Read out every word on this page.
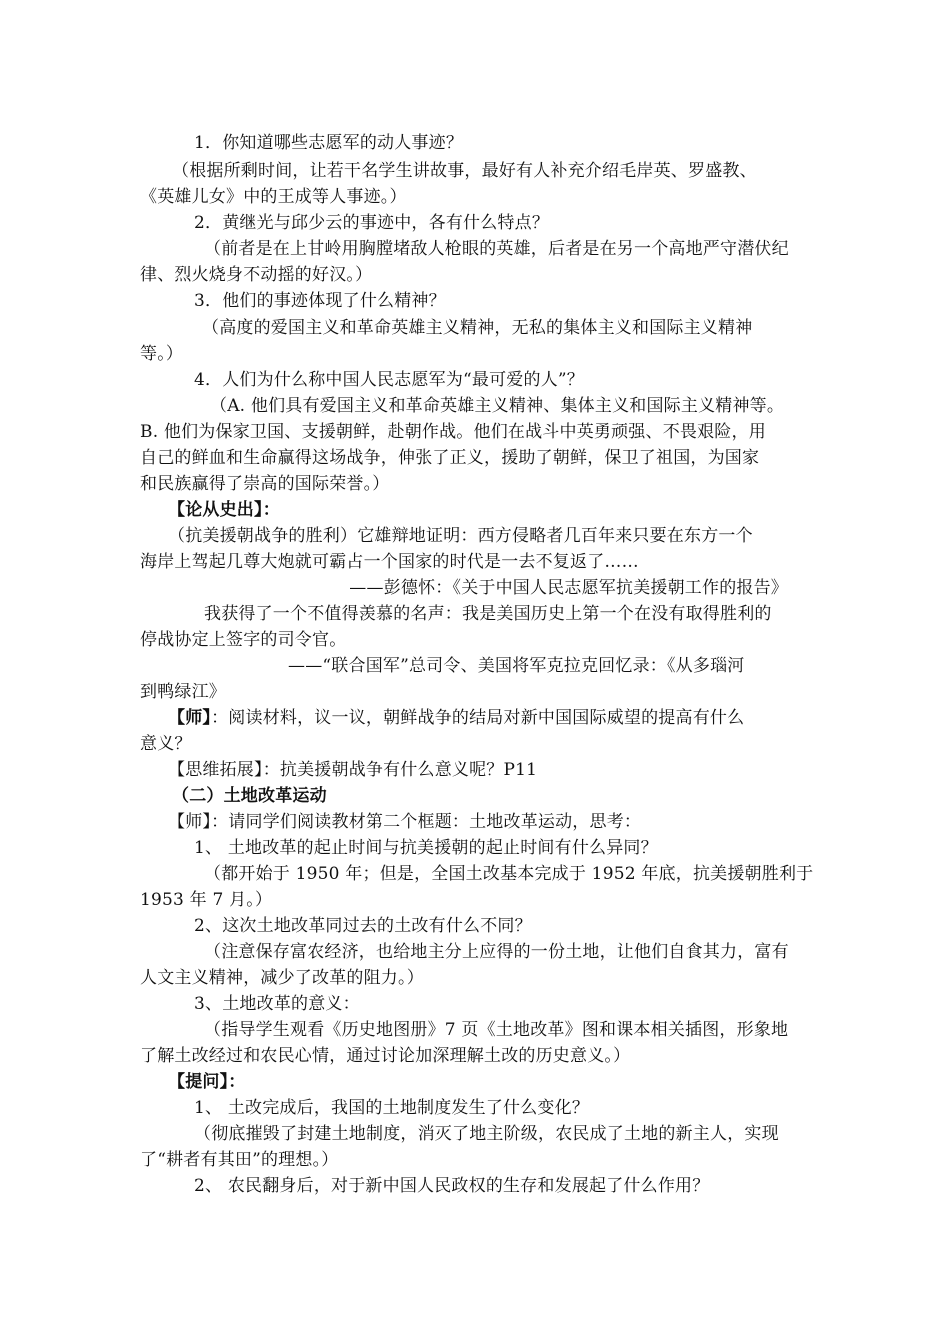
1．你知道哪些志愿军的动人事迹？
（根据所剩时间，让若干名学生讲故事，最好有人补充介绍毛岸英、罗盛教、
《英雄儿女》中的王成等人事迹。）
2．黄继光与邱少云的事迹中，各有什么特点？
（前者是在上甘岭用胸膛堵敌人枪眼的英雄，后者是在另一个高地严守潜伏纪
律、烈火烧身不动摇的好汉。）
3．他们的事迹体现了什么精神？
（高度的爱国主义和革命英雄主义精神，无私的集体主义和国际主义精神
等。）
4．人们为什么称中国人民志愿军为“最可爱的人”？
（A. 他们具有爱国主义和革命英雄主义精神、集体主义和国际主义精神等。
B. 他们为保家卫国、支援朝鲜，赴朝作战。他们在战斗中英勇顽强、不畏艰险，用
自己的鲜血和生命赢得这场战争，伸张了正义，援助了朝鲜，保卫了祖国，为国家
和民族赢得了崇高的国际荣誉。）
【论从史出】：
（抗美援朝战争的胜利）它雄辩地证明：西方侵略者几百年来只要在东方一个
海岸上驾起几尊大炮就可霸占一个国家的时代是一去不复返了……
——彭德怀：《关于中国人民志愿军抗美援朝工作的报告》
我获得了一个不值得羡慕的名声：我是美国历史上第一个在没有取得胜利的
停战协定上签字的司令官。
——“联合国军”总司令、美国将军克拉克回忆录：《从多瑙河
到鸭绿江》
【师】：阅读材料，议一议，朝鲜战争的结局对新中国国际威望的提高有什么
意义？
【思维拓展】：抗美援朝战争有什么意义呢？P11
（二）土地改革运动
【师】：请同学们阅读教材第二个框题：土地改革运动，思考：
1、 土地改革的起止时间与抗美援朝的起止时间有什么异同？
（都开始于 1950 年；但是，全国土改基本完成于 1952 年底，抗美援朝胜利于
1953 年 7 月。）
2、这次土地改革同过去的土改有什么不同？
（注意保存富农经济，也给地主分上应得的一份土地，让他们自食其力，富有
人文主义精神，减少了改革的阻力。）
3、土地改革的意义：
（指导学生观看《历史地图册》7 页《土地改革》图和课本相关插图，形象地
了解土改经过和农民心情，通过讨论加深理解土改的历史意义。）
【提问】：
1、 土改完成后，我国的土地制度发生了什么变化？
（彻底摧毁了封建土地制度，消灭了地主阶级，农民成了土地的新主人，实现
了“耕者有其田”的理想。）
2、 农民翻身后，对于新中国人民政权的生存和发展起了什么作用？
